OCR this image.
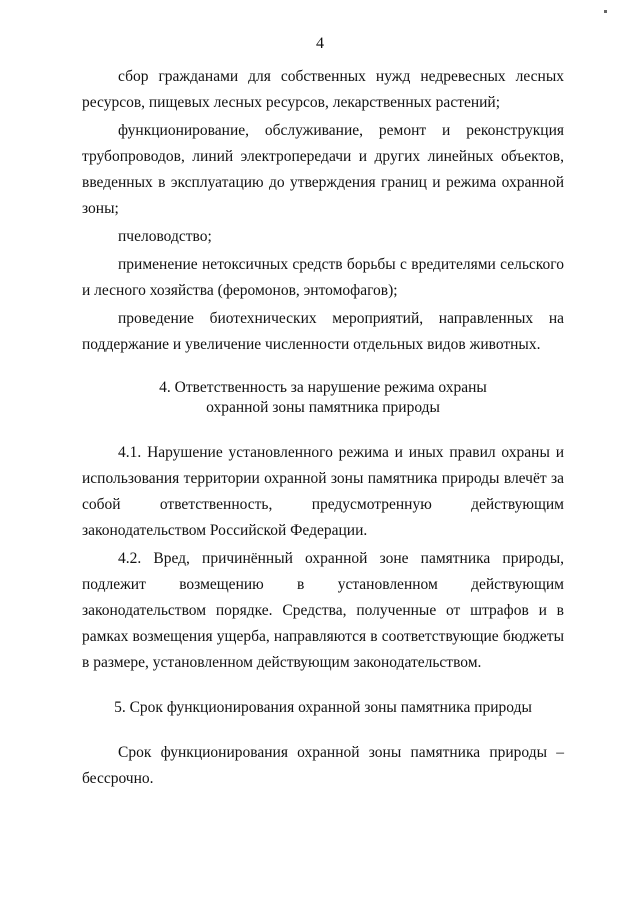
4

сбор гражданами для собственных нужд недревесных лесных ресурсов, пищевых лесных ресурсов, лекарственных растений;

функционирование, обслуживание, ремонт и реконструкция трубопроводов, линий электропередачи и других линейных объектов, введенных в эксплуатацию до утверждения границ и режима охранной зоны;

пчеловодство;

применение нетоксичных средств борьбы с вредителями сельского и лесного хозяйства (феромонов, энтомофагов);

проведение биотехнических мероприятий, направленных на поддержание и увеличение численности отдельных видов животных.

4. Ответственность за нарушение режима охраны
охранной зоны памятника природы

4.1. Нарушение установленного режима и иных правил охраны и использования территории охранной зоны памятника природы влечёт за собой ответственность, предусмотренную действующим законодательством Российской Федерации.

4.2. Вред, причинённый охранной зоне памятника природы, подлежит возмещению в установленном действующим законодательством порядке. Средства, полученные от штрафов и в рамках возмещения ущерба, направляются в соответствующие бюджеты в размере, установленном действующим законодательством.

5. Срок функционирования охранной зоны памятника природы

Срок функционирования охранной зоны памятника природы – бессрочно.
